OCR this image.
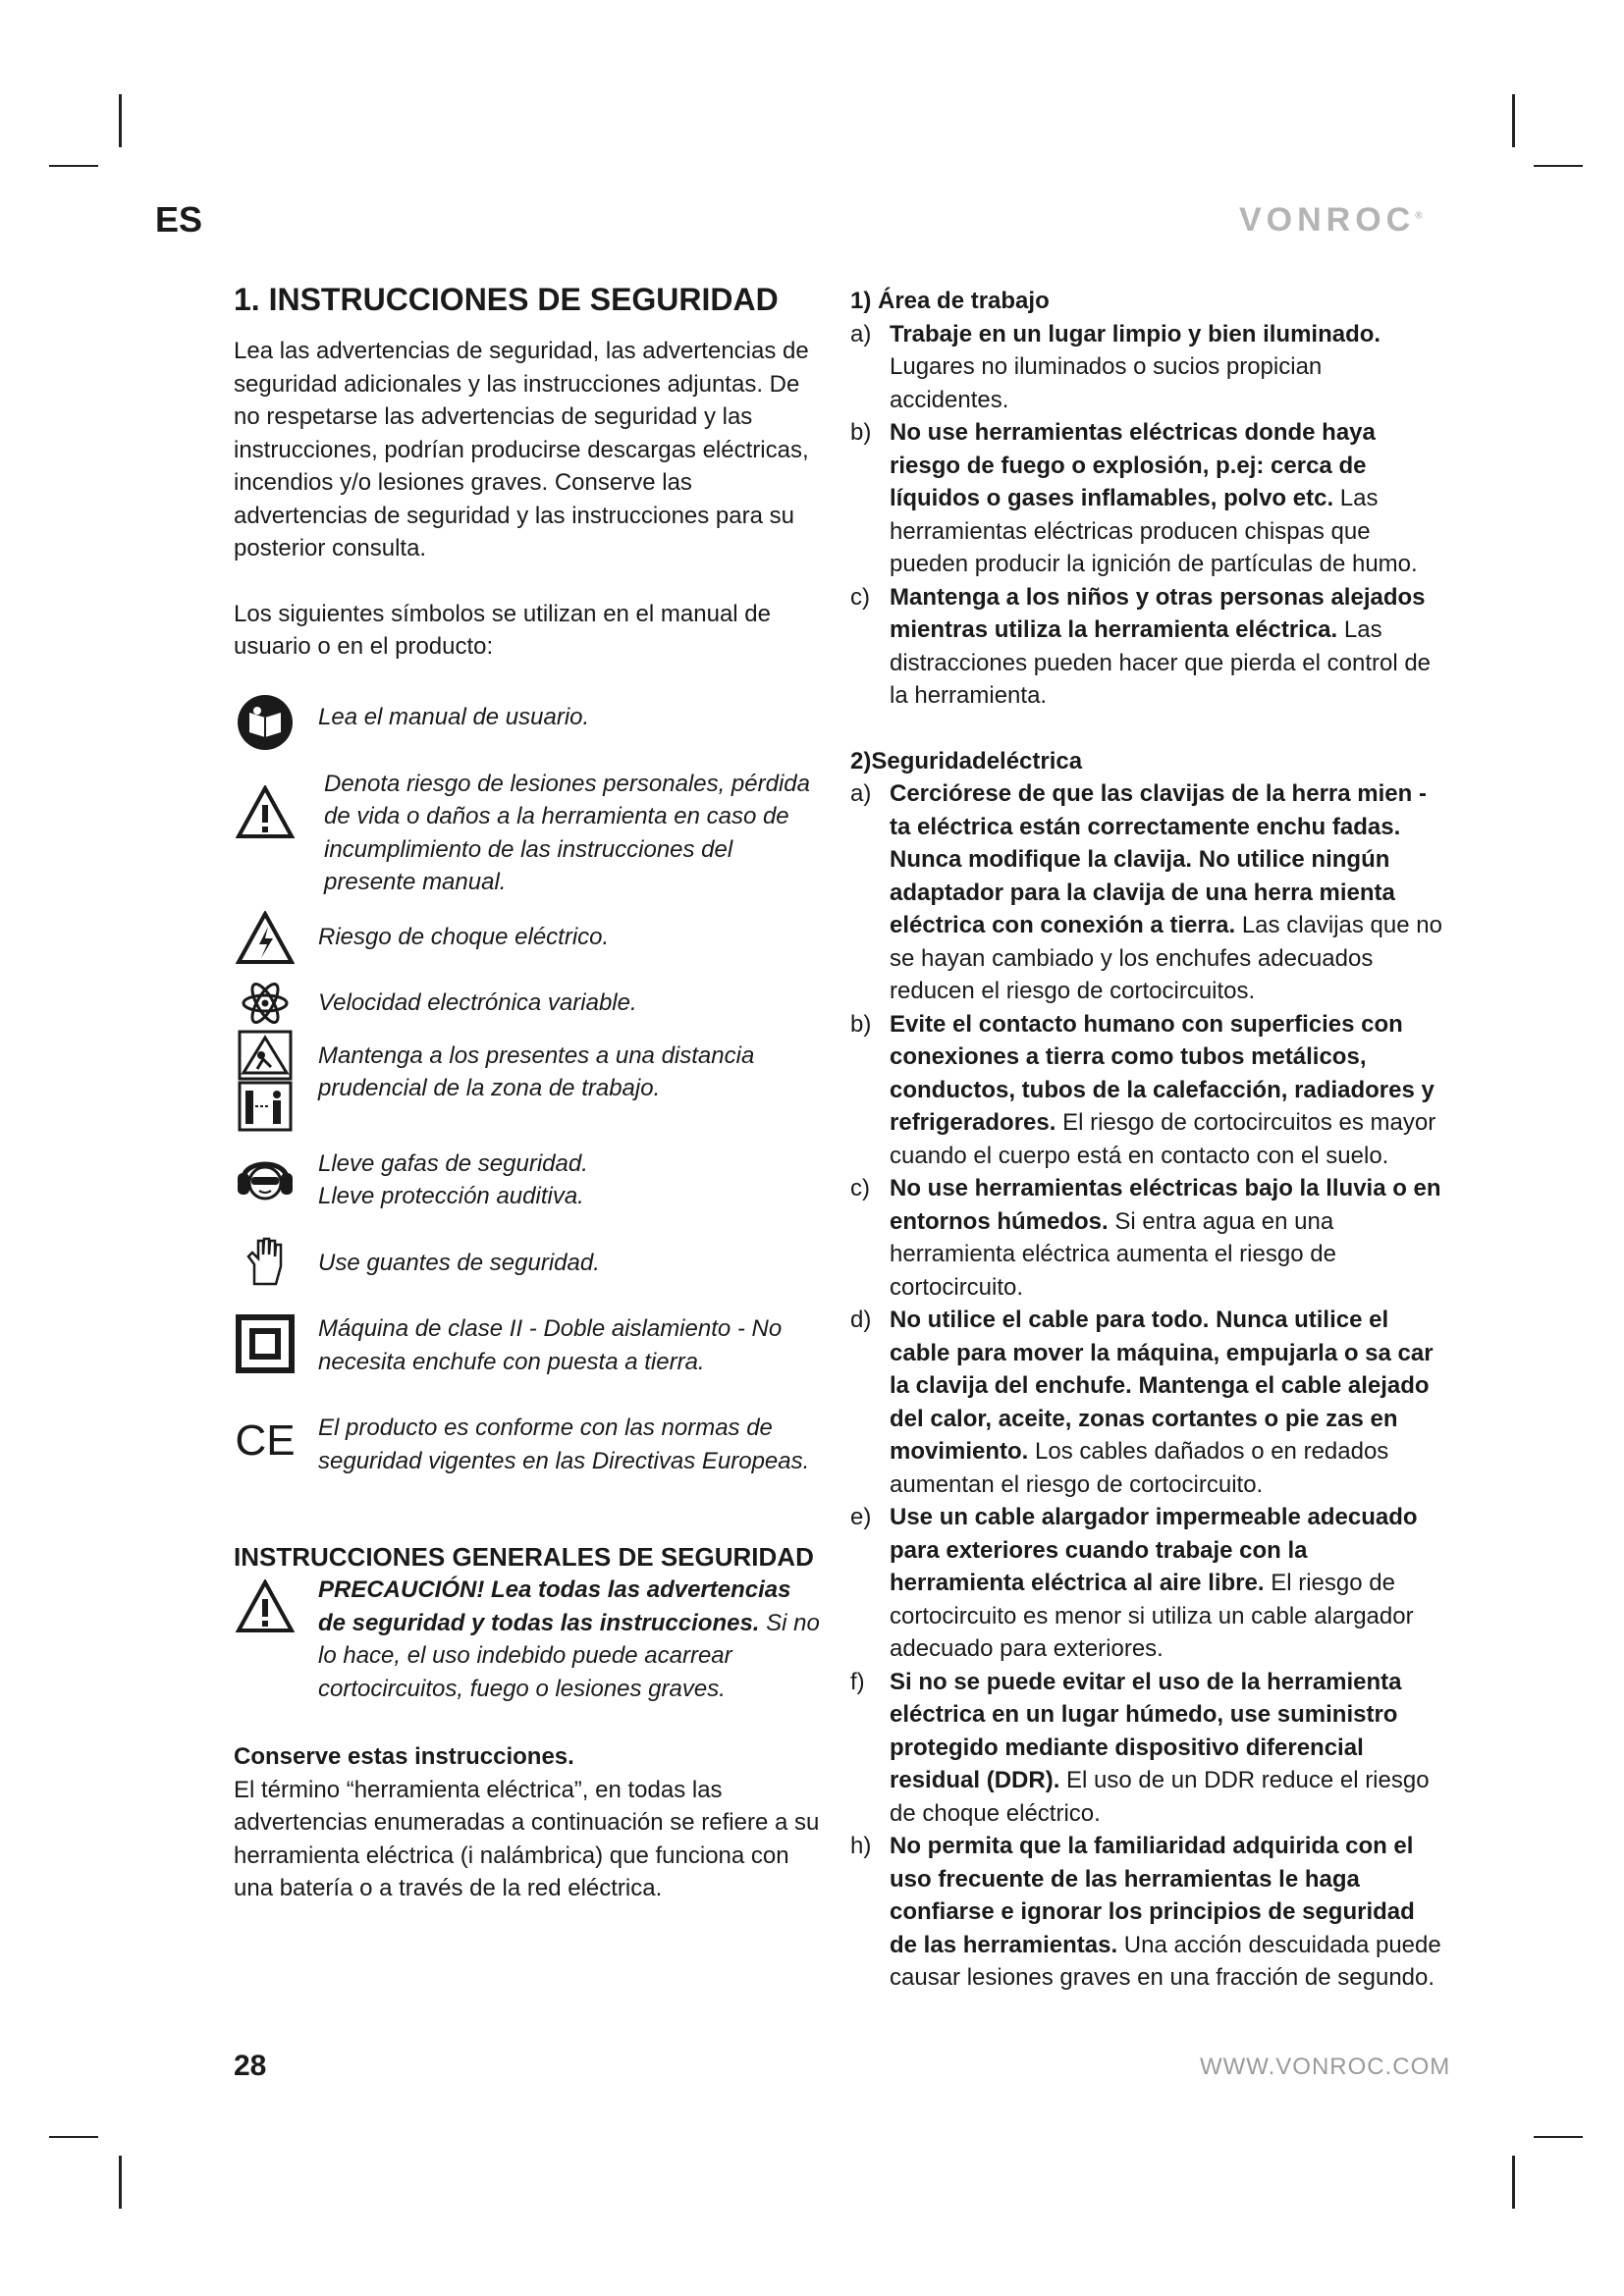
ES	VONROC®
1. INSTRUCCIONES DE SEGURIDAD

Lea las advertencias de seguridad, las advertencias de seguridad adicionales y las instrucciones adjuntas. De no respetarse las advertencias de seguridad y las instrucciones, podrían producirse descargas eléctricas, incendios y/o lesiones graves. Conserve las advertencias de seguridad y las instrucciones para su posterior consulta.

Los siguientes símbolos se utilizan en el manual de usuario o en el producto:

Lea el manual de usuario.
Denota riesgo de lesiones personales, pérdida de vida o daños a la herramienta en caso de incumplimiento de las instrucciones del presente manual.
Riesgo de choque eléctrico.
Velocidad electrónica variable.
Mantenga a los presentes a una distancia prudencial de la zona de trabajo.
Lleve gafas de seguridad.
Lleve protección auditiva.
Use guantes de seguridad.
Máquina de clase II - Doble aislamiento - No necesita enchufe con puesta a tierra.
CE El producto es conforme con las normas de seguridad vigentes en las Directivas Europeas.
INSTRUCCIONES GENERALES DE SEGURIDAD
PRECAUCIÓN! Lea todas las advertencias de seguridad y todas las instrucciones. Si no lo hace, el uso indebido puede acarrear cortocircuitos, fuego o lesiones graves.
Conserve estas instrucciones.

El término “herramienta eléctrica”, en todas las advertencias enumeradas a continuación se refiere a su herramienta eléctrica (i nalámbrica) que funciona con una batería o a través de la red eléctrica.

1) Área de trabajo
a) Trabaje en un lugar limpio y bien iluminado. Lugares no iluminados o sucios propician accidentes.
b) No use herramientas eléctricas donde haya riesgo de fuego o explosión, p.ej: cerca de líquidos o gases inflamables, polvo etc. Las herramientas eléctricas producen chispas que pueden producir la ignición de partículas de humo.
c) Mantenga a los niños y otras personas alejados mientras utiliza la herramienta eléctrica. Las distracciones pueden hacer que pierda el control de la herramienta.
2)Seguridadeléctrica
a) Cerciórese de que las clavijas de la herra mien - ta eléctrica están correctamente enchu fadas. Nunca modifique la clavija. No utilice ningún adaptador para la clavija de una herra mienta eléctrica con conexión a tierra. Las clavijas que no se hayan cambiado y los enchufes adecuados reducen el riesgo de cortocircuitos.
b) Evite el contacto humano con superficies con conexiones a tierra como tubos metálicos, conductos, tubos de la calefacción, radiadores y refrigeradores. El riesgo de cortocircuitos es mayor cuando el cuerpo está en contacto con el suelo.
c) No use herramientas eléctricas bajo la lluvia o en entornos húmedos. Si entra agua en una herramienta eléctrica aumenta el riesgo de cortocircuito.
d) No utilice el cable para todo. Nunca utilice el cable para mover la máquina, empujarla o sa car la clavija del enchufe. Mantenga el cable alejado del calor, aceite, zonas cortantes o pie zas en movimiento. Los cables dañados o en redados aumentan el riesgo de cortocircuito.
e) Use un cable alargador impermeable adecuado para exteriores cuando trabaje con la herramienta eléctrica al aire libre. El riesgo de cortocircuito es menor si utiliza un cable alargador adecuado para exteriores.
f) Si no se puede evitar el uso de la herramienta eléctrica en un lugar húmedo, use suministro protegido mediante dispositivo diferencial residual (DDR). El uso de un DDR reduce el riesgo de choque eléctrico.
h) No permita que la familiaridad adquirida con el uso frecuente de las herramientas le haga confiarse e ignorar los principios de seguridad de las herramientas. Una acción descuidada puede causar lesiones graves en una fracción de segundo.
28	WWW.VONROC.COM
